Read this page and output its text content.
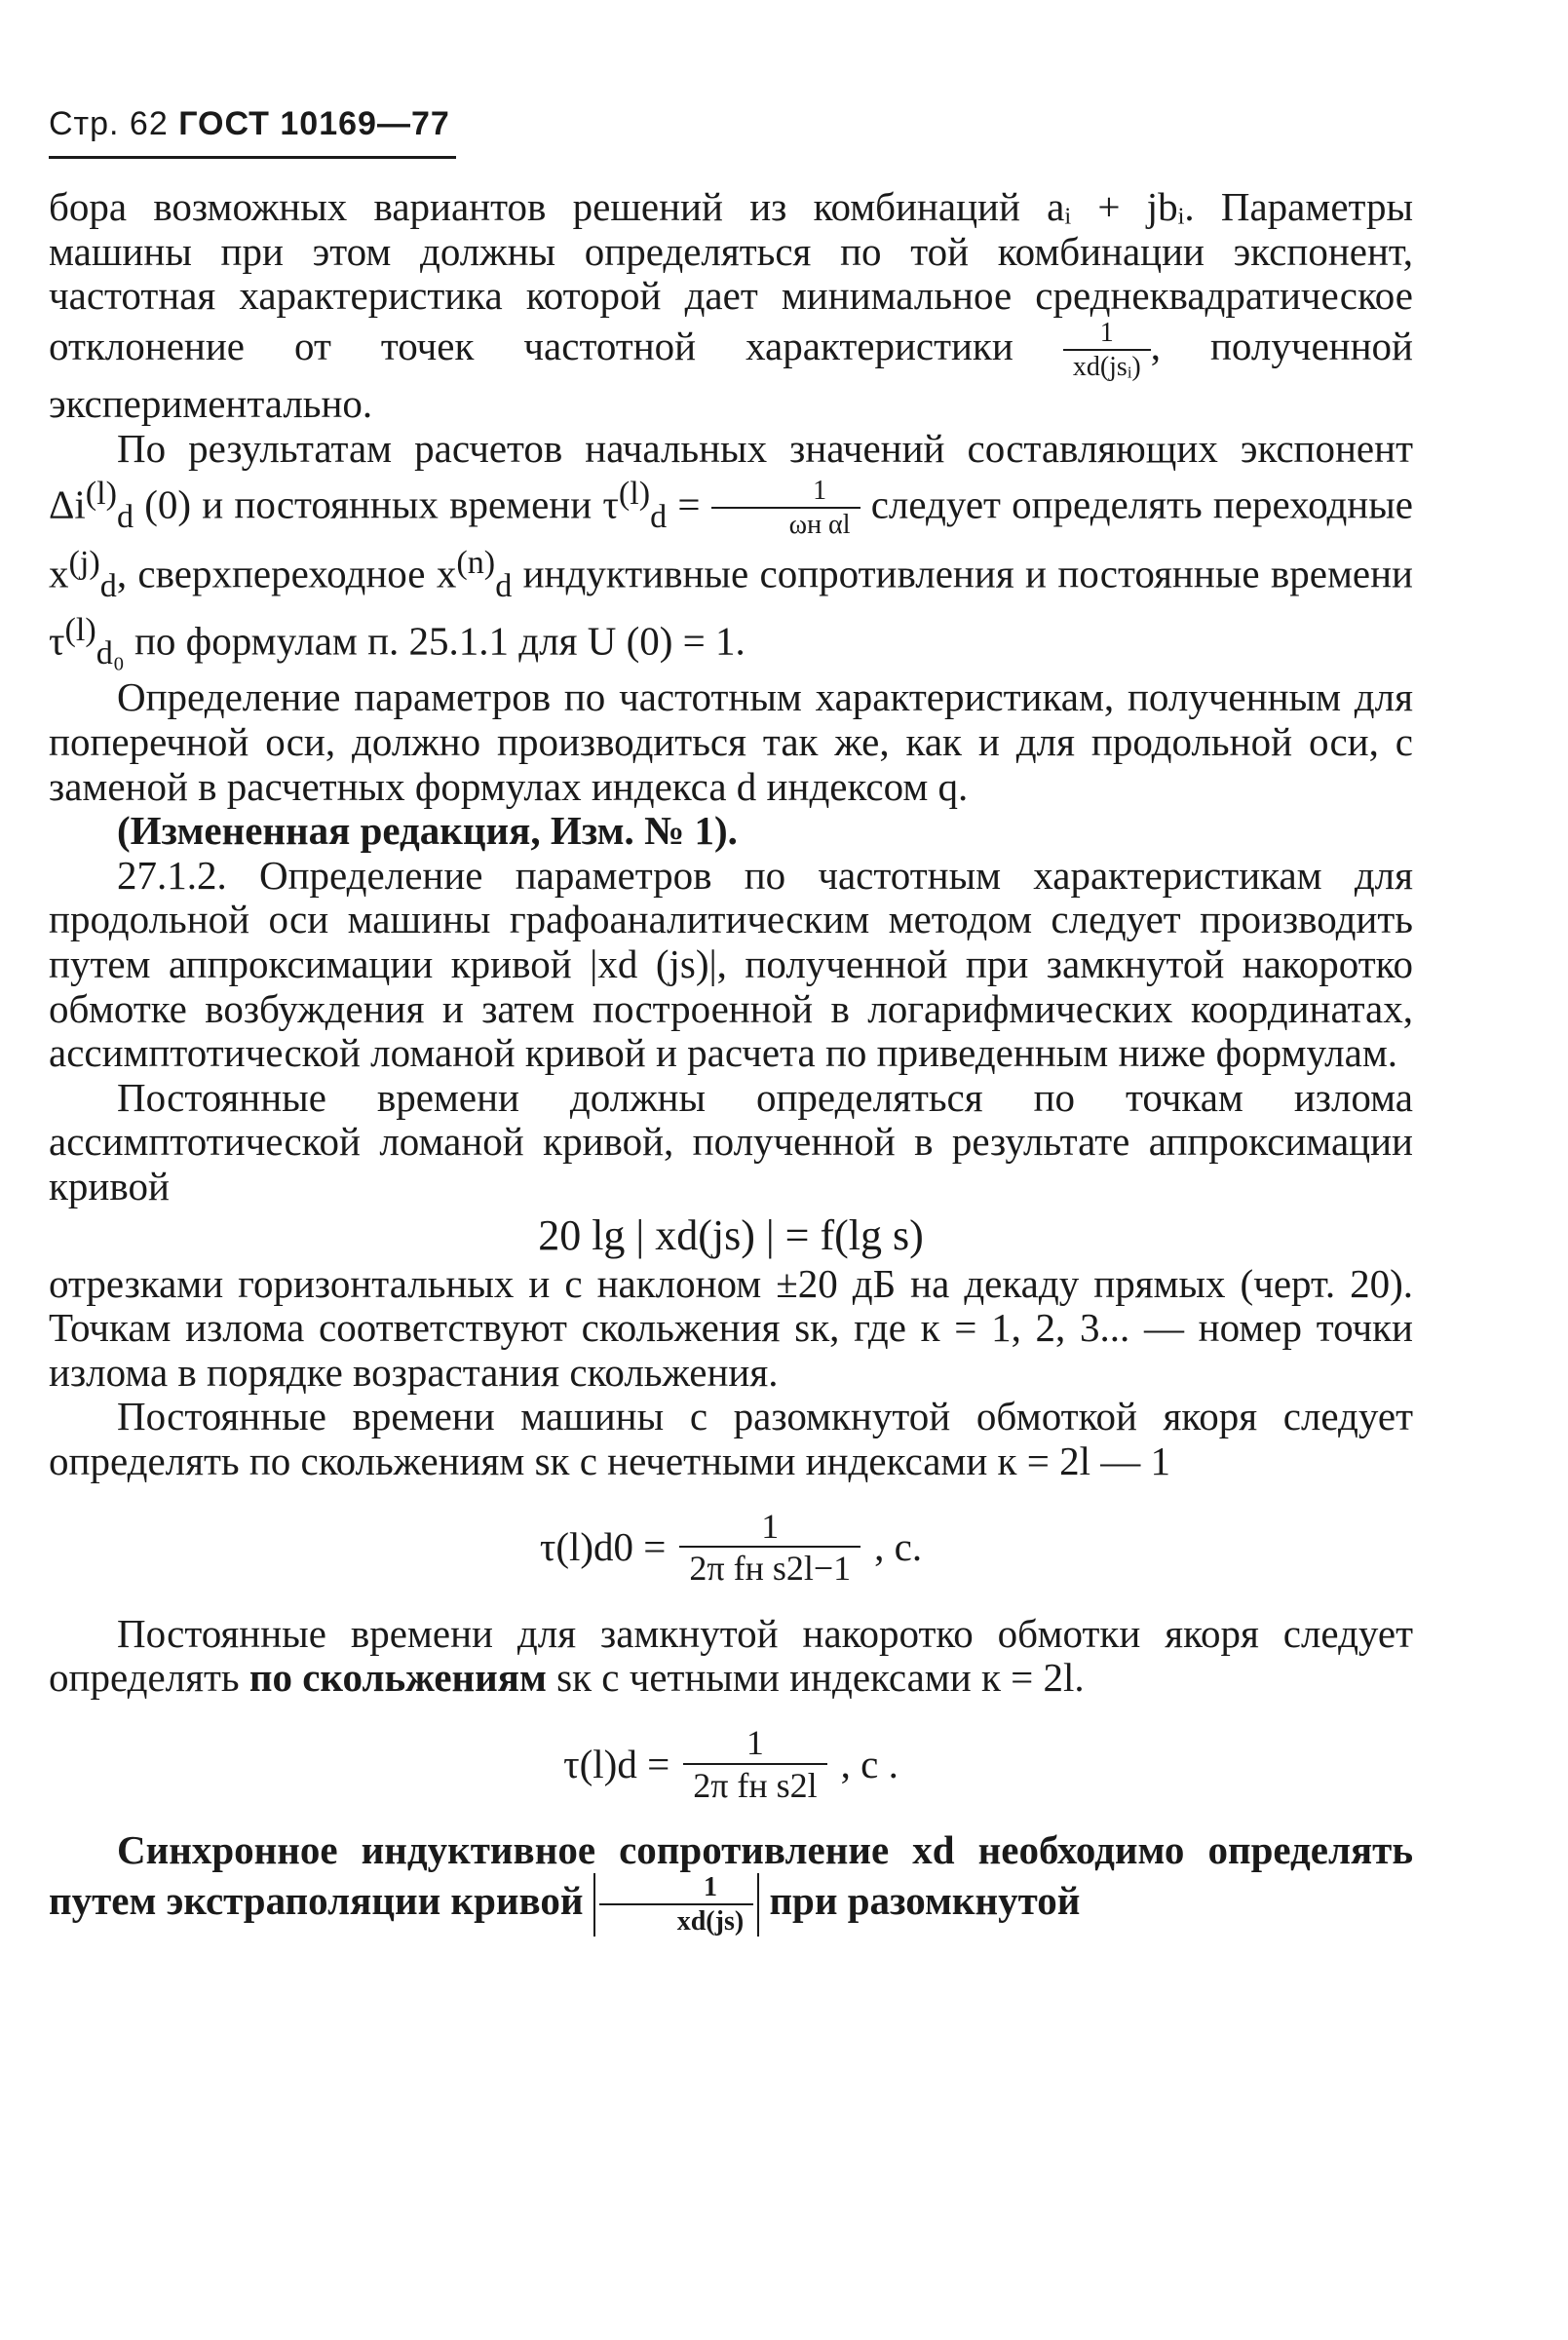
Стр. 62 ГОСТ 10169—77

бора возможных вариантов решений из комбинаций aᵢ + jbᵢ. Параметры машины при этом должны определяться по той комбинации экспонент, частотная характеристика которой дает минимальное среднеквадратическое отклонение от точек частотной характеристики $\frac{1}{\text{xd(jsᵢ)}}$ , полученной экспериментально.

По результатам расчетов начальных значений составляющих экспонент $\Delta i^{(l)}_d$ (0) и постоянных времени $\tau^{(l)}_d = \frac{1}{\text{ωн αl}}$ следует определять переходные $x^{(j)}_d$, сверхпереходное $x^{(n)}_d$ индуктивные сопротивления и постоянные времени $\tau^{(l)}_{d_0}$ по формулам п. 25.1.1 для U (0) = 1.

Определение параметров по частотным характеристикам, полученным для поперечной оси, должно производиться так же, как и для продольной оси, с заменой в расчетных формулах индекса d индексом q.

(Измененная редакция, Изм. № 1).

27.1.2. Определение параметров по частотным характеристикам для продольной оси машины графоаналитическим методом следует производить путем аппроксимации кривой |xd (js)|, полученной при замкнутой накоротко обмотке возбуждения и затем построенной в логарифмических координатах, ассимптотической ломаной кривой и расчета по приведенным ниже формулам.

Постоянные времени должны определяться по точкам излома ассимптотической ломаной кривой, полученной в результате аппроксимации кривой

20 lg | xd(js) | = f(lg s)

отрезками горизонтальных и с наклоном ±20 дБ на декаду прямых (черт. 20). Точкам излома соответствуют скольжения sк, где к = 1, 2, 3... — номер точки излома в порядке возрастания скольжения.

Постоянные времени машины с разомкнутой обмоткой якоря следует определять по скольжениям sк с нечетными индексами к = 2l — 1

$\tau(l)d0 = \frac{1}{\text{2π fн s2l−1}}$ , с.

Постоянные времени для замкнутой накоротко обмотки якоря следует определять по скольжениям sк с четными индексами к = 2l.

$\tau(l)d = \frac{1}{\text{2π fн s2l}}$ , с .

Синхронное индуктивное сопротивление xd необходимо определять путем экстраполяции кривой $\frac{1}{xd(js)}$ при разомкнутой
